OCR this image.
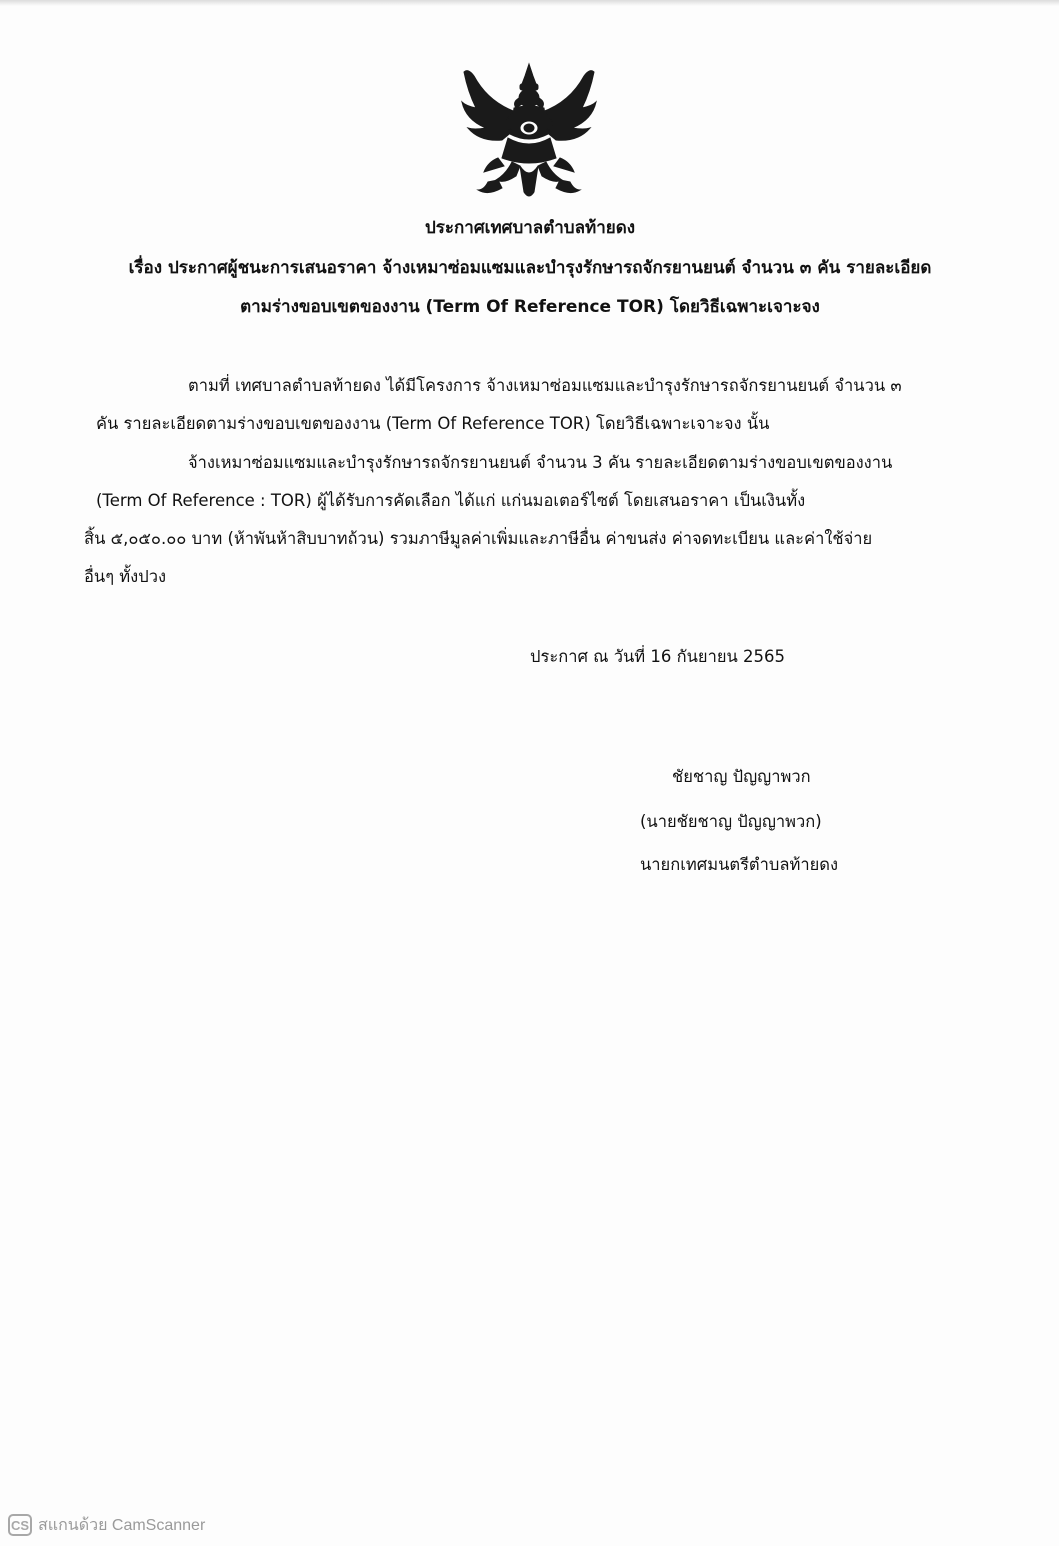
ประกาศเทศบาลตำบลท้ายดง
เรื่อง ประกาศผู้ชนะการเสนอราคา จ้างเหมาซ่อมแซมและบำรุงรักษารถจักรยานยนต์ จำนวน ๓ คัน รายละเอียด
ตามร่างขอบเขตของงาน (Term Of Reference TOR) โดยวิธีเฉพาะเจาะจง
ตามที่ เทศบาลตำบลท้ายดง ได้มีโครงการ จ้างเหมาซ่อมแซมและบำรุงรักษารถจักรยานยนต์ จำนวน ๓
คัน รายละเอียดตามร่างขอบเขตของงาน (Term Of Reference TOR) โดยวิธีเฉพาะเจาะจง นั้น
จ้างเหมาซ่อมแซมและบำรุงรักษารถจักรยานยนต์ จำนวน 3 คัน รายละเอียดตามร่างขอบเขตของงาน
(Term Of Reference : TOR) ผู้ได้รับการคัดเลือก ได้แก่ แก่นมอเตอร์ไซต์ โดยเสนอราคา เป็นเงินทั้ง
สิ้น ๕,๐๕๐.๐๐ บาท (ห้าพันห้าสิบบาทถ้วน) รวมภาษีมูลค่าเพิ่มและภาษีอื่น ค่าขนส่ง ค่าจดทะเบียน และค่าใช้จ่าย
อื่นๆ ทั้งปวง
ประกาศ ณ วันที่ 16 กันยายน 2565
ชัยชาญ ปัญญาพวก
(นายชัยชาญ ปัญญาพวก)
นายกเทศมนตรีตำบลท้ายดง
CS สแกนด้วย CamScanner
